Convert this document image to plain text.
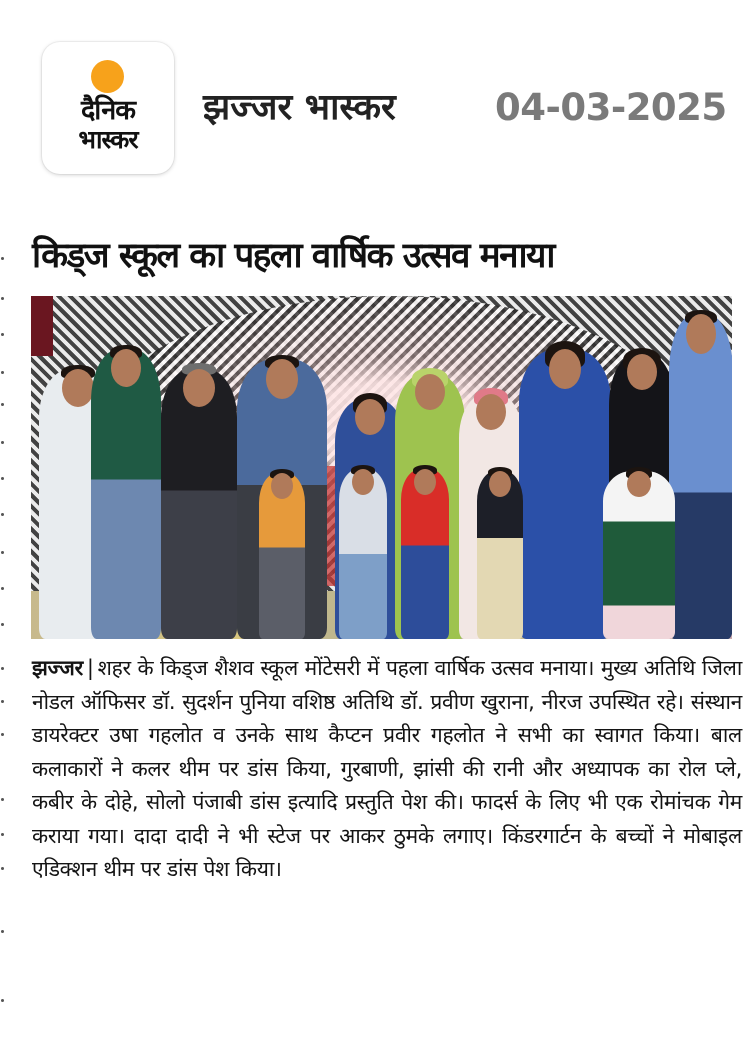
दैनिक
भास्कर
झज्जर भास्कर	04-03-2025
किड्ज स्कूल का पहला वार्षिक उत्सव मनाया
झज्जर | शहर के किड्ज शैशव स्कूल मोंटेसरी में पहला वार्षिक उत्सव मनाया। मुख्य अतिथि जिला नोडल ऑफिसर डॉ. सुदर्शन पुनिया वशिष्ठ अतिथि डॉ. प्रवीण खुराना, नीरज उपस्थित रहे। संस्थान डायरेक्टर उषा गहलोत व उनके साथ कैप्टन प्रवीर गहलोत ने सभी का स्वागत किया। बाल कलाकारों ने कलर थीम पर डांस किया, गुरबाणी, झांसी की रानी और अध्यापक का रोल प्ले, कबीर के दोहे, सोलो पंजाबी डांस इत्यादि प्रस्तुति पेश की। फादर्स के लिए भी एक रोमांचक गेम कराया गया। दादा दादी ने भी स्टेज पर आकर ठुमके लगाए। किंडरगार्टन के बच्चों ने मोबाइल एडिक्शन थीम पर डांस पेश किया।
